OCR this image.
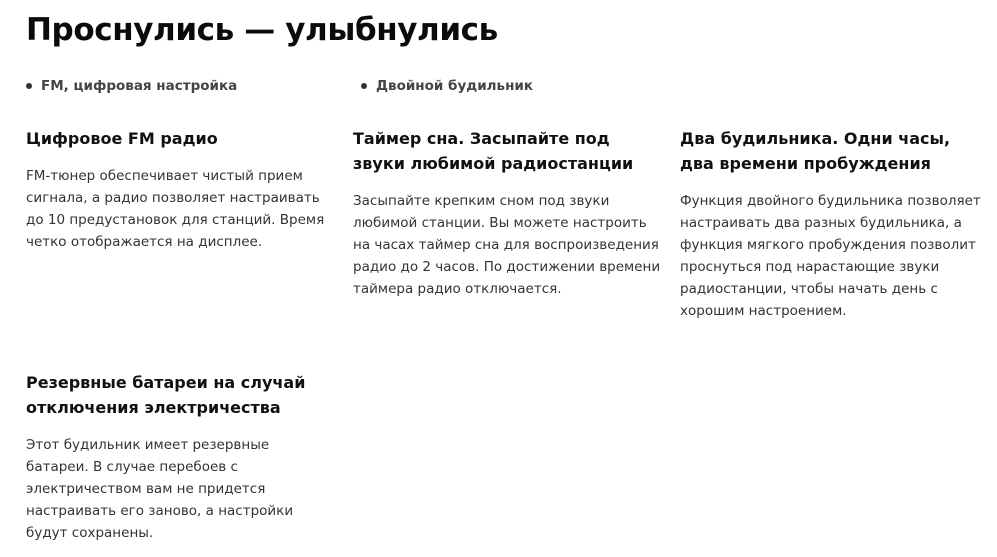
Проснулись — улыбнулись
FM, цифровая настройка	Двойной будильник
Цифровое FM радио

FM-тюнер обеспечивает чистый прием сигнала, а радио позволяет настраивать до 10 предустановок для станций. Время четко отображается на дисплее.

Таймер сна. Засыпайте под звуки любимой радиостанции

Засыпайте крепким сном под звуки любимой станции. Вы можете настроить на часах таймер сна для воспроизведения радио до 2 часов. По достижении времени таймера радио отключается.

Два будильника. Одни часы, два времени пробуждения

Функция двойного будильника позволяет настраивать два разных будильника, а функция мягкого пробуждения позволит проснуться под нарастающие звуки радиостанции, чтобы начать день с хорошим настроением.

Резервные батареи на случай отключения электричества

Этот будильник имеет резервные батареи. В случае перебоев с электричеством вам не придется настраивать его заново, а настройки будут сохранены.
